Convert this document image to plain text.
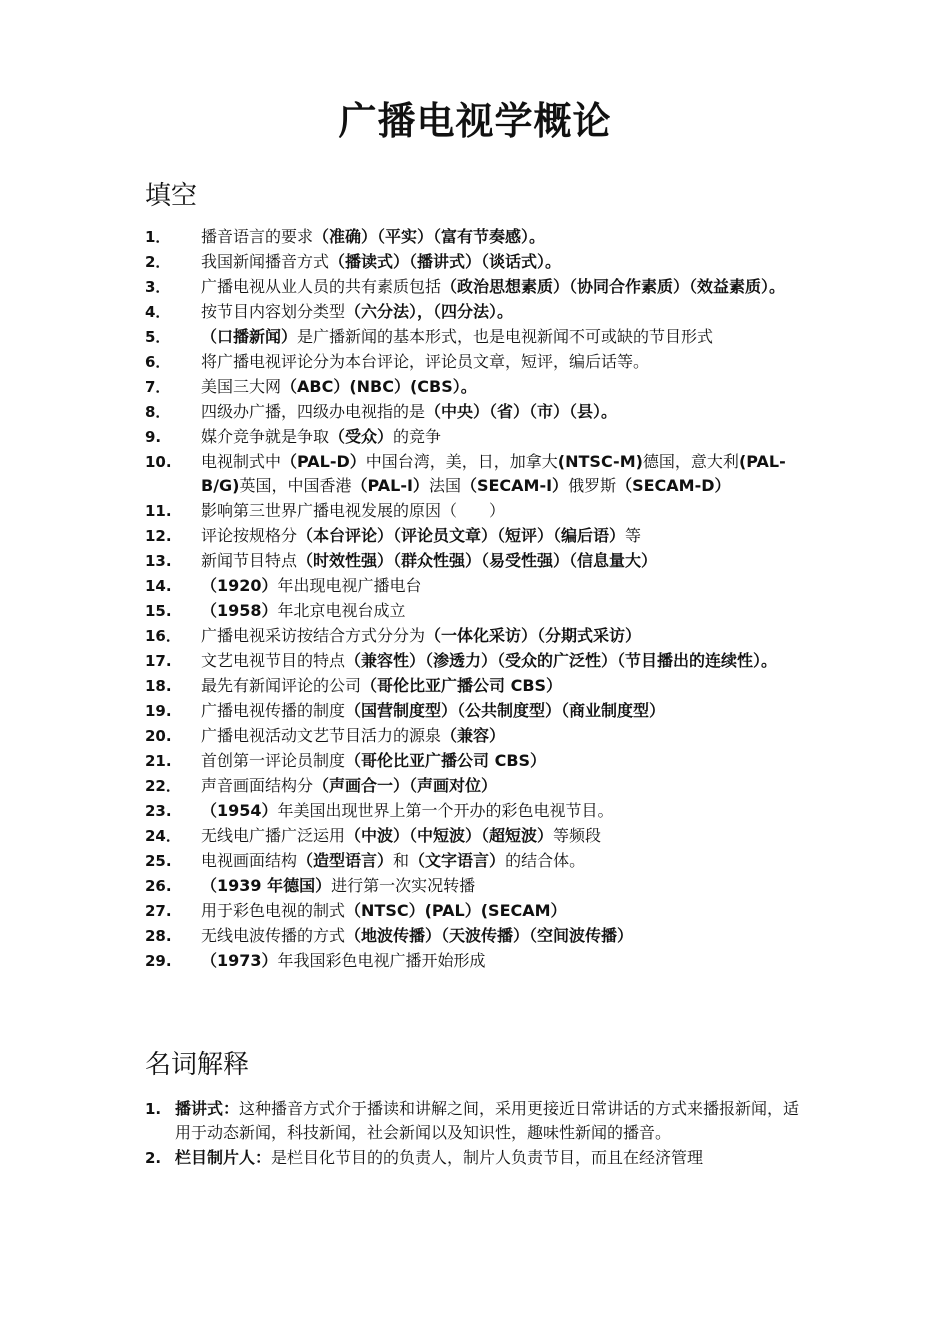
广播电视学概论
填空
1．	播音语言的要求（准确）（平实）（富有节奏感）。
2．	我国新闻播音方式（播读式）（播讲式）（谈话式）。
3．	广播电视从业人员的共有素质包括（政治思想素质）（协同合作素质）（效益素质）。
4．	按节目内容划分类型（六分法），（四分法）。
5．	（口播新闻）是广播新闻的基本形式，也是电视新闻不可或缺的节目形式
6．	将广播电视评论分为本台评论，评论员文章，短评，编后话等。
7．	美国三大网（ABC）(NBC）(CBS）。
8．	四级办广播，四级办电视指的是（中央）（省）（市）（县）。
9.	媒介竞争就是争取（受众）的竞争
10.	电视制式中（PAL-D）中国台湾，美，日，加拿大(NTSC-M)德国，意大利(PAL-B/G)英国，中国香港（PAL-I）法国（SECAM-I）俄罗斯（SECAM-D）
11.	影响第三世界广播电视发展的原因（　　）
12.	评论按规格分（本台评论）（评论员文章）（短评）（编后语）等
13.	新闻节目特点（时效性强）（群众性强）（易受性强）（信息量大）
14.	（1920）年出现电视广播电台
15.	（1958）年北京电视台成立
16．	广播电视采访按结合方式分分为（一体化采访）（分期式采访）
17.	文艺电视节目的特点（兼容性）（渗透力）（受众的广泛性）（节目播出的连续性）。
18.	最先有新闻评论的公司（哥伦比亚广播公司 CBS）
19.	广播电视传播的制度（国营制度型）（公共制度型）（商业制度型）
20.	广播电视活动文艺节目活力的源泉（兼容）
21.	首创第一评论员制度（哥伦比亚广播公司 CBS）
22．	声音画面结构分（声画合一）（声画对位）
23.	（1954）年美国出现世界上第一个开办的彩色电视节目。
24．	无线电广播广泛运用（中波）（中短波）（超短波）等频段
25.	电视画面结构（造型语言）和（文字语言）的结合体。
26.	（1939 年德国）进行第一次实况转播
27.	用于彩色电视的制式（NTSC）(PAL）(SECAM）
28.	无线电波传播的方式（地波传播）（天波传播）（空间波传播）
29.	（1973）年我国彩色电视广播开始形成
名词解释
1. 播讲式：这种播音方式介于播读和讲解之间，采用更接近日常讲话的方式来播报新闻，适用于动态新闻，科技新闻，社会新闻以及知识性，趣味性新闻的播音。
2. 栏目制片人：是栏目化节目的的负责人，制片人负责节目，而且在经济管理
